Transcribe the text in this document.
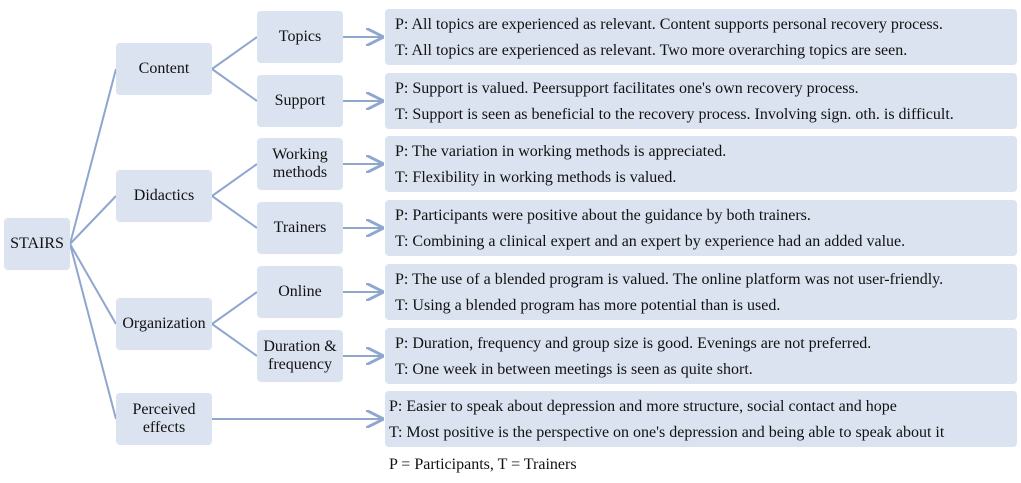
STAIRS
Content
Didactics
Organization
Perceived effects
Topics
Support
Working methods
Trainers
Online
Duration & frequency
P: All topics are experienced as relevant. Content supports personal recovery process.
T: All topics are experienced as relevant. Two more overarching topics are seen.
P: Support is valued. Peersupport facilitates one's own recovery process.
T: Support is seen as beneficial to the recovery process. Involving sign. oth. is difficult.
P: The variation in working methods is appreciated.
T: Flexibility in working methods is valued.
P: Participants were positive about the guidance by both trainers.
T: Combining a clinical expert and an expert by experience had an added value.
P: The use of a blended program is valued. The online platform was not user-friendly.
T: Using a blended program has more potential than is used.
P: Duration, frequency and group size is good. Evenings are not preferred.
T: One week in between meetings is seen as quite short.
P: Easier to speak about depression and more structure, social contact and hope
T: Most positive is the perspective on one's depression and being able to speak about it
P = Participants, T = Trainers
